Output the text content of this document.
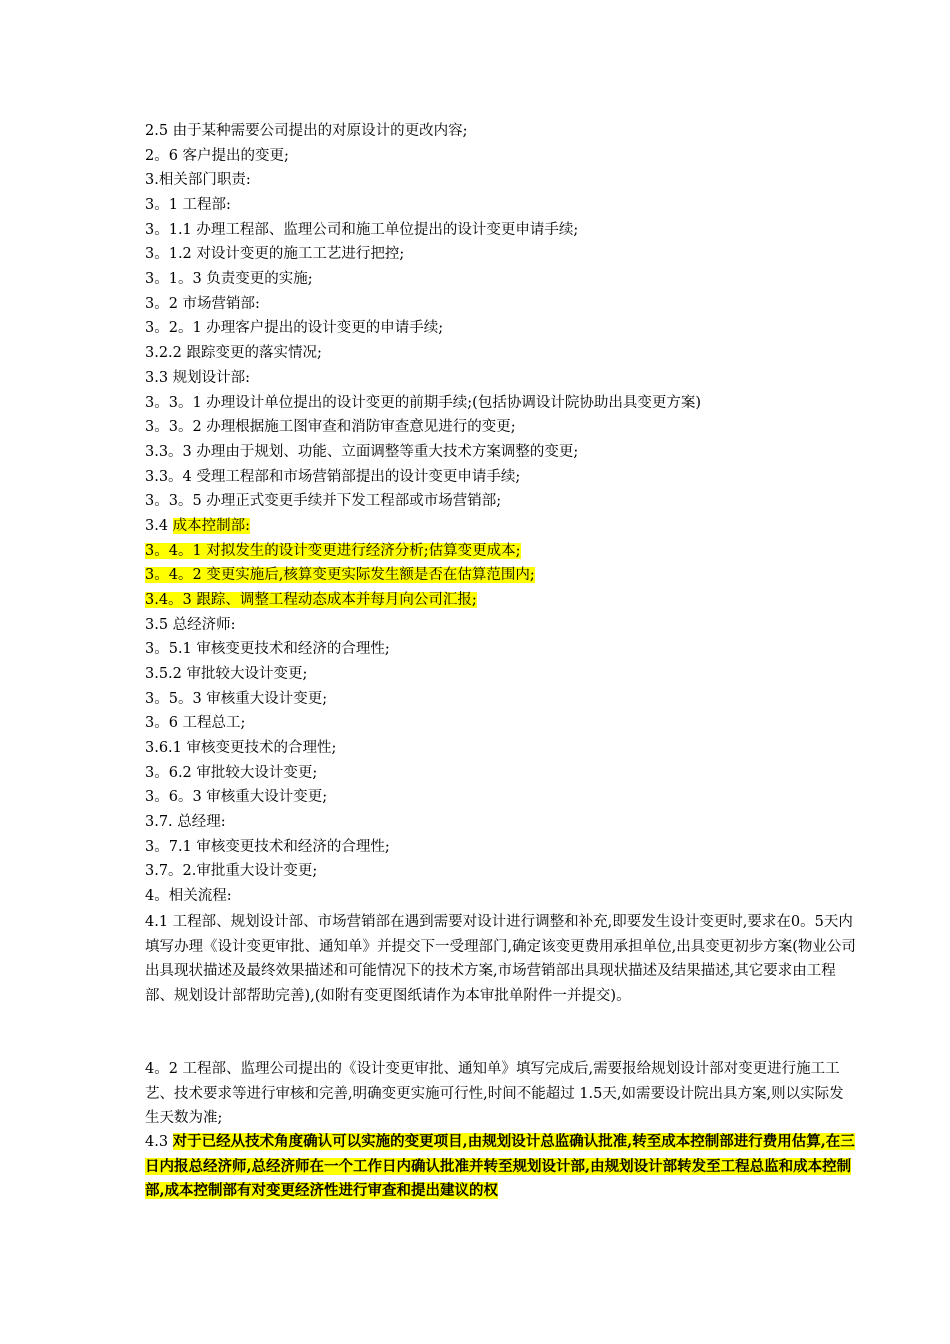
2.5 由于某种需要公司提出的对原设计的更改内容;
2。6 客户提出的变更;
3.相关部门职责:
3。1 工程部:
3。1.1 办理工程部、监理公司和施工单位提出的设计变更申请手续;
3。1.2 对设计变更的施工工艺进行把控;
3。1。3 负责变更的实施;
3。2 市场营销部:
3。2。1 办理客户提出的设计变更的申请手续;
3.2.2 跟踪变更的落实情况;
3.3 规划设计部:
3。3。1 办理设计单位提出的设计变更的前期手续;(包括协调设计院协助出具变更方案)
3。3。2 办理根据施工图审查和消防审查意见进行的变更;
3.3。3 办理由于规划、功能、立面调整等重大技术方案调整的变更;
3.3。4 受理工程部和市场营销部提出的设计变更申请手续;
3。3。5 办理正式变更手续并下发工程部或市场营销部;
3.4 成本控制部:
3。4。1 对拟发生的设计变更进行经济分析;估算变更成本;
3。4。2 变更实施后,核算变更实际发生额是否在估算范围内;
3.4。3 跟踪、调整工程动态成本并每月向公司汇报;
3.5 总经济师:
3。5.1 审核变更技术和经济的合理性;
3.5.2 审批较大设计变更;
3。5。3 审核重大设计变更;
3。6 工程总工;
3.6.1 审核变更技术的合理性;
3。6.2 审批较大设计变更;
3。6。3 审核重大设计变更;
3.7. 总经理:
3。7.1 审核变更技术和经济的合理性;
3.7。2.审批重大设计变更;
4。相关流程:
4.1 工程部、规划设计部、市场营销部在遇到需要对设计进行调整和补充,即要发生设计变更时,要求在0。5天内填写办理《设计变更审批、通知单》并提交下一受理部门,确定该变更费用承担单位,出具变更初步方案(物业公司出具现状描述及最终效果描述和可能情况下的技术方案,市场营销部出具现状描述及结果描述,其它要求由工程部、规划设计部帮助完善),(如附有变更图纸请作为本审批单附件一并提交)。
4。2 工程部、监理公司提出的《设计变更审批、通知单》填写完成后,需要报给规划设计部对变更进行施工工艺、技术要求等进行审核和完善,明确变更实施可行性,时间不能超过 1.5天,如需要设计院出具方案,则以实际发生天数为准;
4.3 对于已经从技术角度确认可以实施的变更项目,由规划设计总监确认批准,转至成本控制部进行费用估算,在三日内报总经济师,总经济师在一个工作日内确认批准并转至规划设计部,由规划设计部转发至工程总监和成本控制部,成本控制部有对变更经济性进行审查和提出建议的权
